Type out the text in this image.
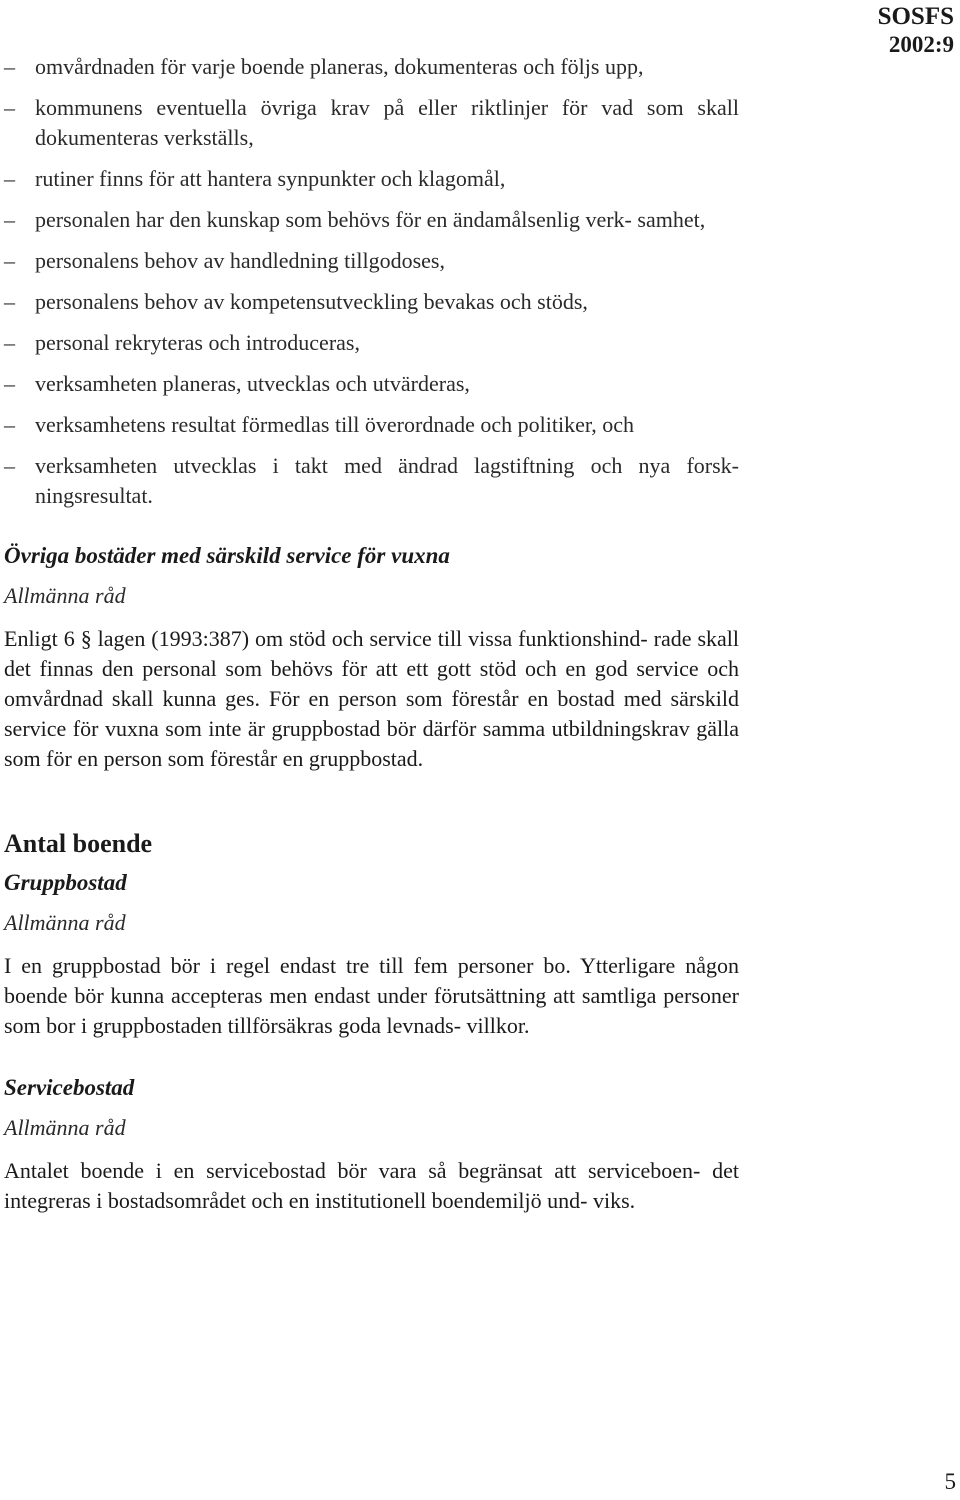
SOSFS
2002:9
– omvårdnaden för varje boende planeras, dokumenteras och följs upp,
– kommunens eventuella övriga krav på eller riktlinjer för vad som skall dokumenteras verkställs,
– rutiner finns för att hantera synpunkter och klagomål,
– personalen har den kunskap som behövs för en ändamålsenlig verk- samhet,
– personalens behov av handledning tillgodoses,
– personalens behov av kompetensutveckling bevakas och stöds,
– personal rekryteras och introduceras,
– verksamheten planeras, utvecklas och utvärderas,
– verksamhetens resultat förmedlas till överordnade och politiker, och
– verksamheten utvecklas i takt med ändrad lagstiftning och nya forsk- ningsresultat.
Övriga bostäder med särskild service för vuxna
Allmänna råd
Enligt 6 § lagen (1993:387) om stöd och service till vissa funktionshind- rade skall det finnas den personal som behövs för att ett gott stöd och en god service och omvårdnad skall kunna ges. För en person som förestår en bostad med särskild service för vuxna som inte är gruppbostad bör därför samma utbildningskrav gälla som för en person som förestår en gruppbostad.
Antal boende
Gruppbostad
Allmänna råd
I en gruppbostad bör i regel endast tre till fem personer bo. Ytterligare någon boende bör kunna accepteras men endast under förutsättning att samtliga personer som bor i gruppbostaden tillförsäkras goda levnads- villkor.
Servicebostad
Allmänna råd
Antalet boende i en servicebostad bör vara så begränsat att serviceboen- det integreras i bostadsområdet och en institutionell boendemiljö und- viks.
5
